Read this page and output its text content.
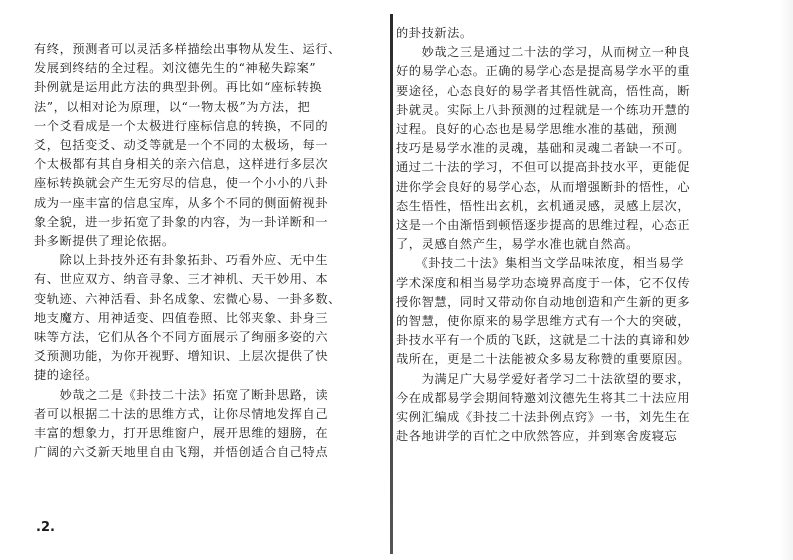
有终，预测者可以灵活多样描绘出事物从发生、运行、
发展到终结的全过程。刘汶德先生的“神秘失踪案”
卦例就是运用此方法的典型卦例。再比如“座标转换
法”，以相对论为原理，以“一物太极”为方法，把
一个爻看成是一个太极进行座标信息的转换，不同的
爻，包括变爻、动爻等就是一个不同的太极场，每一
个太极都有其自身相关的亲六信息，这样进行多层次
座标转换就会产生无穷尽的信息，使一个小小的八卦
成为一座丰富的信息宝库，从多个不同的侧面俯视卦
象全貌，进一步拓宽了卦象的内容，为一卦详断和一
卦多断提供了理论依据。
　　除以上卦技外还有卦象拓卦、巧看外应、无中生
有、世应双方、纳音寻象、三才神机、天干妙用、本
变轨迹、六神活看、卦名成象、宏微心易、一卦多数、
地支魔方、用神适变、四值卷照、比邻夹象、卦身三
味等方法，它们从各个不同方面展示了绚丽多姿的六
爻预测功能，为你开视野、增知识、上层次提供了快
捷的途径。
　　妙哉之二是《卦技二十法》拓宽了断卦思路，读
者可以根据二十法的思维方式，让你尽情地发挥自己
丰富的想象力，打开思维窗户，展开思维的翅膀，在
广阔的六爻新天地里自由飞翔，并悟创适合自己特点
的卦技新法。
　　妙哉之三是通过二十法的学习，从而树立一种良
好的易学心态。正确的易学心态是提高易学水平的重
要途径，心态良好的易学者其悟性就高，悟性高，断
卦就灵。实际上八卦预测的过程就是一个练功开慧的
过程。良好的心态也是易学思维水准的基础，预测
技巧是易学水准的灵魂，基础和灵魂二者缺一不可。
通过二十法的学习，不但可以提高卦技水平，更能促
进你学会良好的易学心态，从而增强断卦的悟性，心
态生悟性，悟性出玄机，玄机通灵感，灵感上层次，
这是一个由渐悟到顿悟逐步提高的思维过程，心态正
了，灵感自然产生，易学水准也就自然高。
　　《卦技二十法》集相当文学品味浓度，相当易学
学术深度和相当易学功态境界高度于一体，它不仅传
授你智慧，同时又带动你自动地创造和产生新的更多
的智慧，使你原来的易学思维方式有一个大的突破，
卦技水平有一个质的飞跃，这就是二十法的真谛和妙
哉所在，更是二十法能被众多易友称赞的重要原因。
　　为满足广大易学爱好者学习二十法欲望的要求，
今在成都易学会期间特邀刘汶德先生将其二十法应用
实例汇编成《卦技二十法卦例点窍》一书，刘先生在
赴各地讲学的百忙之中欣然答应，并到寒舍废寝忘
.2.
